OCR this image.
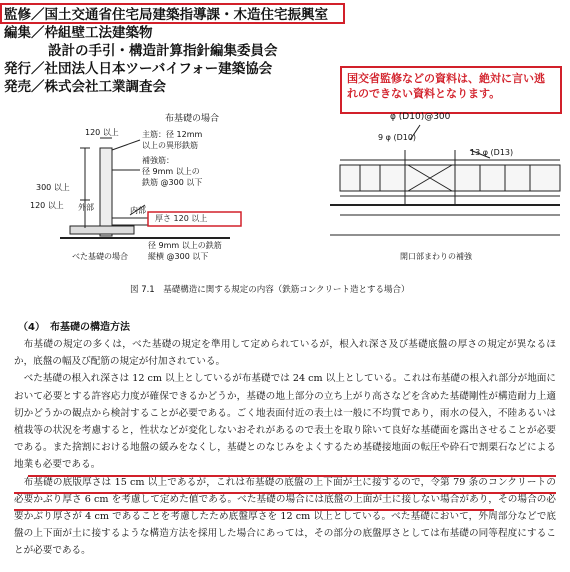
監修／国土交通省住宅局建築指導課・木造住宅振興室
編集／枠組壁工法建築物
設計の手引・構造計算指針編集委員会
発行／社団法人日本ツーバイフォー建築協会
発売／株式会社工業調査会
国交省監修などの資料は、絶対に言い逃れのできない資料となります。
布基礎の場合	φ (D10)@300
120 以上	主筋：径 12mm
以上の異形鉄筋
補強筋：
径 9mm 以上の
鉄筋 @300 以下
300 以上
外部
120 以上
内部
厚さ 120 以上
径 9mm 以上の鉄筋
縦横 @300 以下
べた基礎の場合
9 φ (D10)
13 φ (D13)
開口部まわりの補強
図 7.1　基礎構造に関する規定の内容（鉄筋コンクリート造とする場合）
（4）　布基礎の構造方法

布基礎の規定の多くは，べた基礎の規定を準用して定められているが，根入れ深さ及び基礎底盤の厚さの規定が異なるほか，底盤の幅及び配筋の規定が付加されている。

べた基礎の根入れ深さは 12 cm 以上としているが布基礎では 24 cm 以上としている。これは布基礎の根入れ部分が地面において必要とする許容応力度が確保できるかどうか，基礎の地上部分の立ち上がり高さなどを含めた基礎剛性が構造耐力上適切かどうかの観点から検討することが必要である。ごく地表面付近の表土は一般に不均質であり，雨水の侵入，不陸あるいは植栽等の状況を考慮すると，性状などが変化しないおそれがあるので表土を取り除いて良好な基礎面を露出させることが必要である。また捨割における地盤の緩みをなくし，基礎とのなじみをよくするため基礎接地面の転圧や砕石で割栗石などによる地業も必要である。

布基礎の底版厚さは 15 cm 以上であるが，これは布基礎の底盤の上下面が土に接するので，令第 79 条のコンクリートの必要かぶり厚さ 6 cm を考慮して定めた値である。べた基礎の場合には底盤の上面が土に接しない場合があり，その場合の必要かぶり厚さが 4 cm であることを考慮したため底盤厚さを 12 cm 以上としている。べた基礎において，外周部分などで底盤の上下面が土に接するような構造方法を採用した場合にあっては，その部分の底盤厚さとしては布基礎の同等程度にすることが必要である。
